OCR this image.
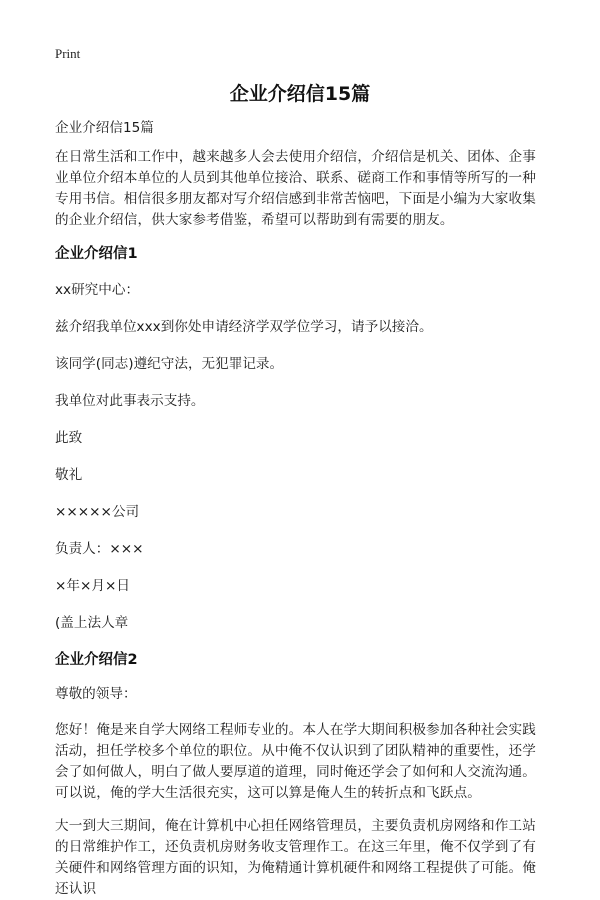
Print
企业介绍信15篇

企业介绍信15篇

在日常生活和工作中，越来越多人会去使用介绍信，介绍信是机关、团体、企事业单位介绍本单位的人员到其他单位接洽、联系、磋商工作和事情等所写的一种专用书信。相信很多朋友都对写介绍信感到非常苦恼吧，下面是小编为大家收集的企业介绍信，供大家参考借鉴，希望可以帮助到有需要的朋友。

企业介绍信1

xx研究中心：

兹介绍我单位xxx到你处申请经济学双学位学习，请予以接洽。

该同学(同志)遵纪守法，无犯罪记录。

我单位对此事表示支持。

此致

敬礼

×××××公司

负责人：×××

×年×月×日

(盖上法人章

企业介绍信2

尊敬的领导：

您好！俺是来自学大网络工程师专业的。本人在学大期间积极参加各种社会实践活动，担任学校多个单位的职位。从中俺不仅认识到了团队精神的重要性，还学会了如何做人，明白了做人要厚道的道理，同时俺还学会了如何和人交流沟通。可以说，俺的学大生活很充实，这可以算是俺人生的转折点和飞跃点。

大一到大三期间，俺在计算机中心担任网络管理员，主要负责机房网络和作工站的日常维护作工，还负责机房财务收支管理作工。在这三年里，俺不仅学到了有关硬件和网络管理方面的识知，为俺精通计算机硬件和网络工程提供了可能。俺还认识
